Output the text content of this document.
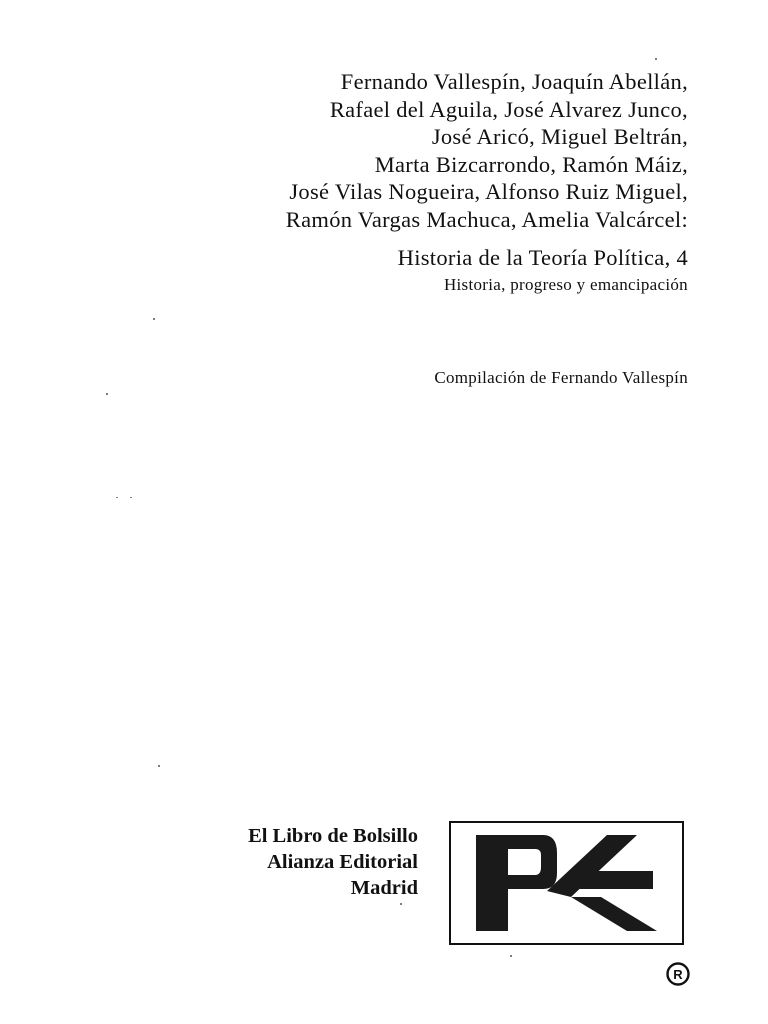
Fernando Vallespín, Joaquín Abellán,
Rafael del Aguila, José Alvarez Junco,
José Aricó, Miguel Beltrán,
Marta Bizcarrondo, Ramón Máiz,
José Vilas Nogueira, Alfonso Ruiz Miguel,
Ramón Vargas Machuca, Amelia Valcárcel:
Historia de la Teoría Política, 4
Historia, progreso y emancipación
Compilación de Fernando Vallespín
El Libro de Bolsillo
Alianza Editorial
Madrid
R
